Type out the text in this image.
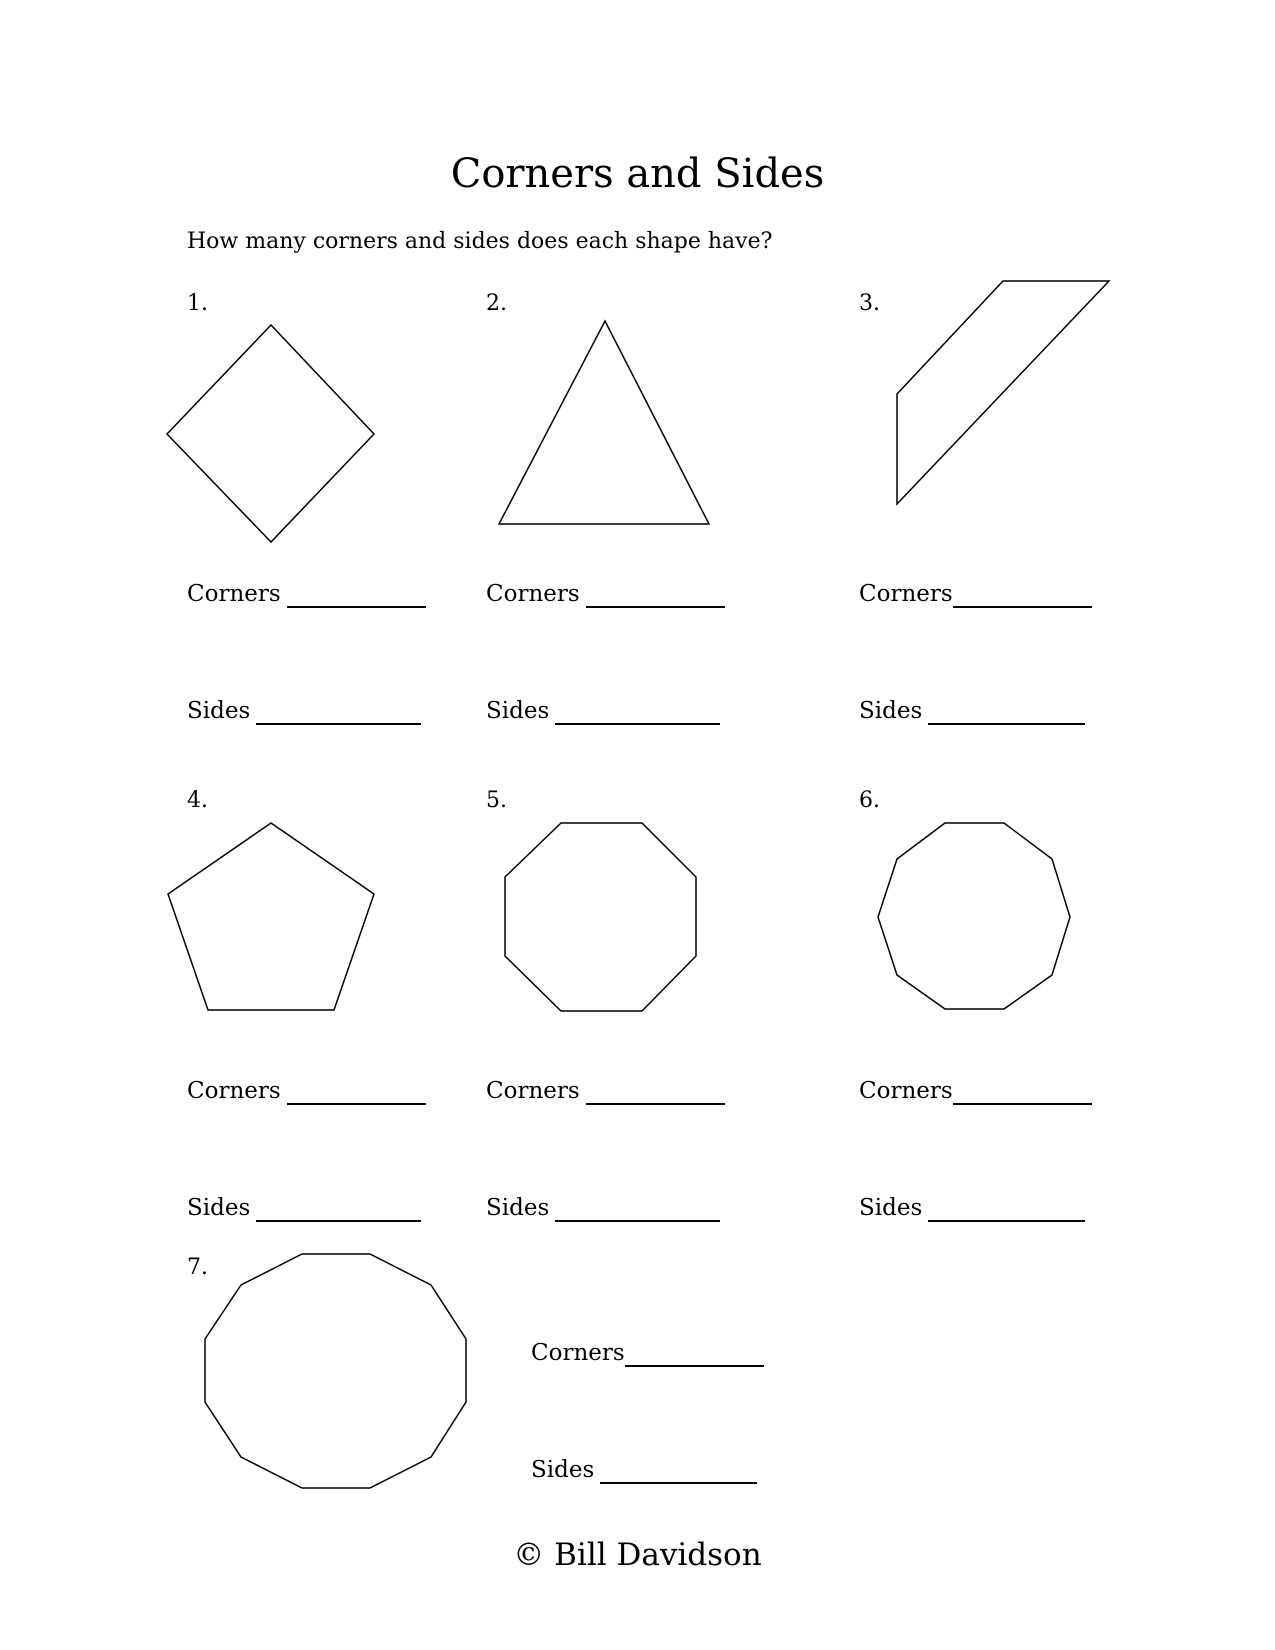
Corners and Sides
How many corners and sides does each shape have?
1.
Corners
Sides
2.
Corners
Sides
3.
Corners
Sides
4.
Corners
Sides
5.
Corners
Sides
6.
Corners
Sides
7.
Corners
Sides
© Bill Davidson
